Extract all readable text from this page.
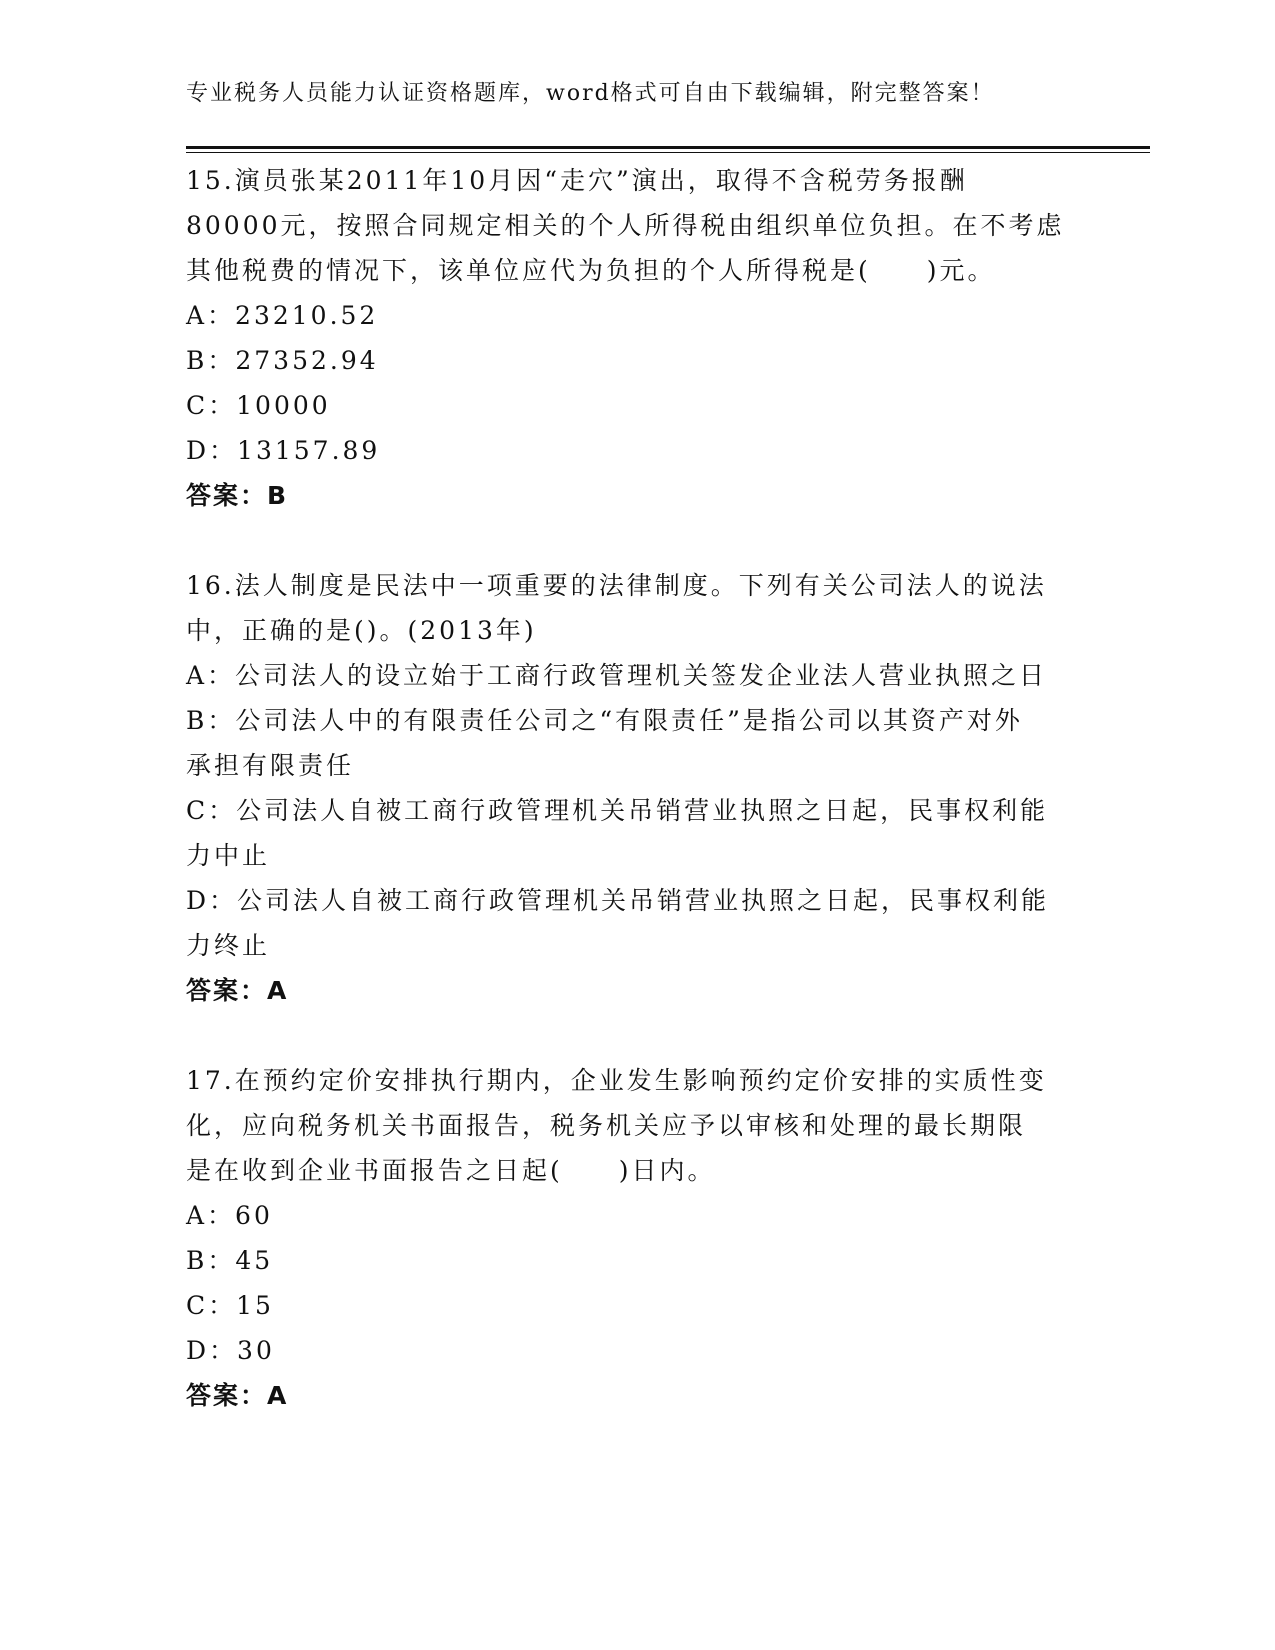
专业税务人员能力认证资格题库，word格式可自由下载编辑，附完整答案！
15.演员张某2011年10月因“走穴”演出，取得不含税劳务报酬
80000元，按照合同规定相关的个人所得税由组织单位负担。在不考虑
其他税费的情况下，该单位应代为负担的个人所得税是(　　)元。
A：23210.52
B：27352.94
C：10000
D：13157.89
答案：B
16.法人制度是民法中一项重要的法律制度。下列有关公司法人的说法
中，正确的是()。(2013年)
A：公司法人的设立始于工商行政管理机关签发企业法人营业执照之日
B：公司法人中的有限责任公司之“有限责任”是指公司以其资产对外
承担有限责任
C：公司法人自被工商行政管理机关吊销营业执照之日起，民事权利能
力中止
D：公司法人自被工商行政管理机关吊销营业执照之日起，民事权利能
力终止
答案：A
17.在预约定价安排执行期内，企业发生影响预约定价安排的实质性变
化，应向税务机关书面报告，税务机关应予以审核和处理的最长期限
是在收到企业书面报告之日起(　　)日内。
A：60
B：45
C：15
D：30
答案：A
